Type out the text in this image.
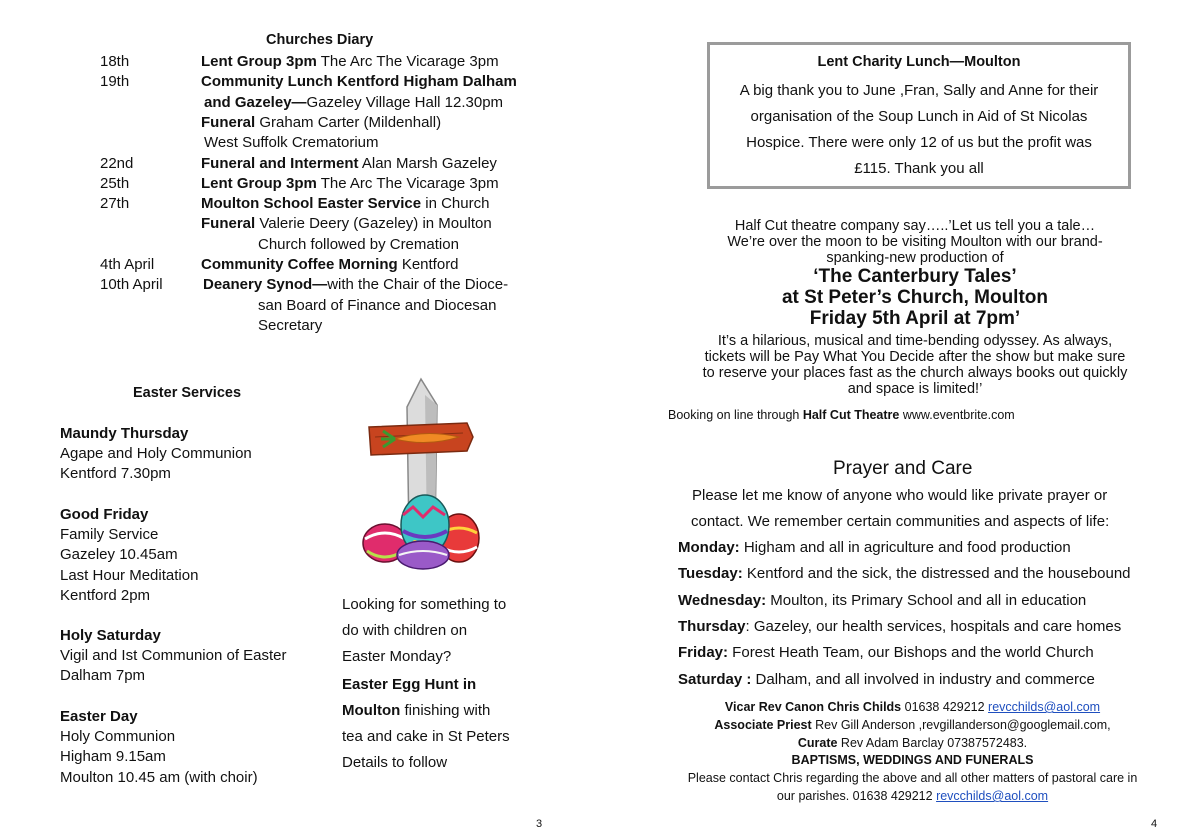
Churches Diary
18th	Lent Group 3pm The Arc The Vicarage 3pm
19th	Community Lunch Kentford Higham Dalham
and Gazeley—Gazeley Village Hall 12.30pm
Funeral Graham Carter (Mildenhall)
West Suffolk Crematorium
22nd	Funeral and Interment Alan Marsh Gazeley
25th	Lent Group 3pm The Arc The Vicarage 3pm
27th	Moulton School Easter Service in Church
Funeral Valerie Deery (Gazeley) in Moulton
Church followed by Cremation
4th April	Community Coffee Morning Kentford
10th April	Deanery Synod—with the Chair of the Dioce-
san Board of Finance and Diocesan
Secretary
Easter Services
Maundy Thursday
Agape and Holy Communion
Kentford 7.30pm
Good Friday
Family Service
Gazeley 10.45am
Last Hour Meditation
Kentford 2pm
Holy Saturday
Vigil and Ist Communion of Easter
Dalham 7pm
Easter Day
Holy Communion
Higham 9.15am
Moulton 10.45 am (with choir)
Looking for something to
do with children on
Easter Monday?
Easter Egg Hunt in
Moulton finishing with
tea and cake in St Peters
Details to follow
3
Lent Charity Lunch—Moulton
A big thank you to June ,Fran, Sally and Anne for their
organisation of the Soup Lunch in Aid of St Nicolas
Hospice. There were only 12 of us but the profit was
£115. Thank you all
Half Cut theatre company say…..’Let us tell you a tale…
We’re over the moon to be visiting Moulton with our brand-
spanking-new production of
‘The Canterbury Tales’
at St Peter’s Church, Moulton
Friday 5th April at 7pm’
It’s a hilarious, musical and time-bending odyssey. As always,
tickets will be Pay What You Decide after the show but make sure
to reserve your places fast as the church always books out quickly
and space is limited!’
Booking on line through Half Cut Theatre www.eventbrite.com
Prayer and Care
Please let me know of anyone who would like private prayer or
contact. We remember certain communities and aspects of life:
Monday: Higham and all in agriculture and food production
Tuesday: Kentford and the sick, the distressed and the housebound
Wednesday: Moulton, its Primary School and all in education
Thursday: Gazeley, our health services, hospitals and care homes
Friday: Forest Heath Team, our Bishops and the world Church
Saturday : Dalham, and all involved in industry and commerce
Vicar Rev Canon Chris Childs 01638 429212 revcchilds@aol.com
Associate Priest Rev Gill Anderson ,revgillanderson@googlemail.com,
Curate Rev Adam Barclay 07387572483.
BAPTISMS, WEDDINGS AND FUNERALS
Please contact Chris regarding the above and all other matters of pastoral care in
our parishes. 01638 429212 revcchilds@aol.com
4
